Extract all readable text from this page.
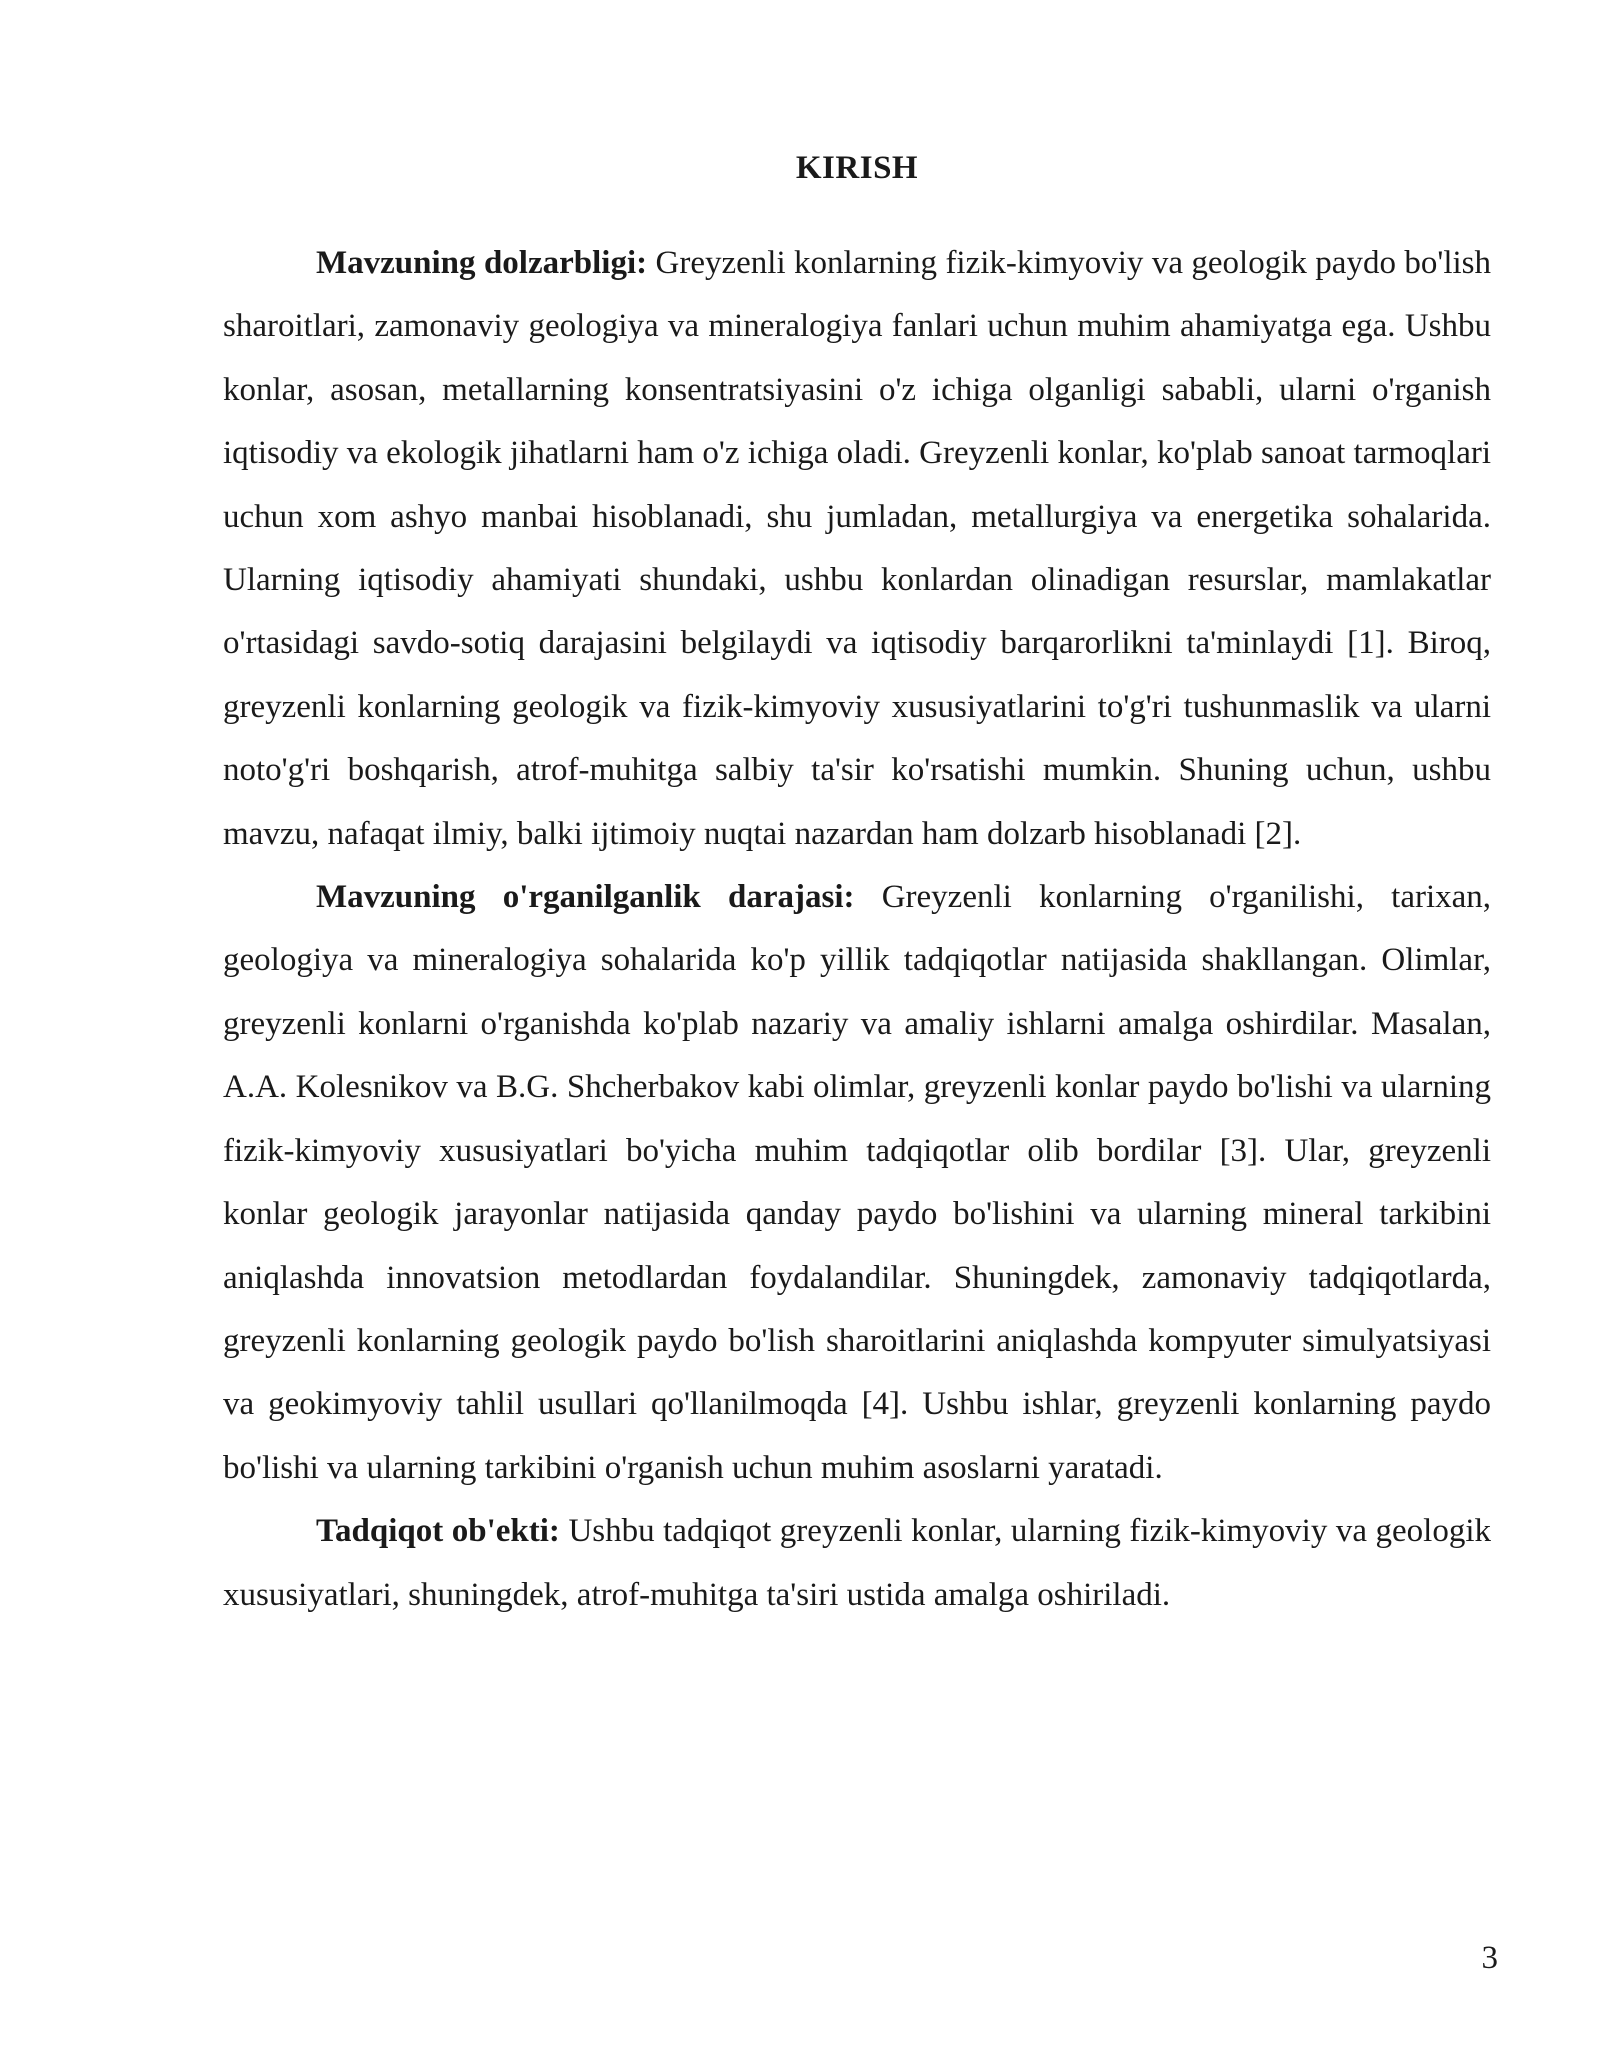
KIRISH

Mavzuning dolzarbligi: Greyzenli konlarning fizik-kimyoviy va geologik paydo bo'lish sharoitlari, zamonaviy geologiya va mineralogiya fanlari uchun muhim ahamiyatga ega. Ushbu konlar, asosan, metallarning konsentratsiyasini o'z ichiga olganligi sababli, ularni o'rganish iqtisodiy va ekologik jihatlarni ham o'z ichiga oladi. Greyzenli konlar, ko'plab sanoat tarmoqlari uchun xom ashyo manbai hisoblanadi, shu jumladan, metallurgiya va energetika sohalarida. Ularning iqtisodiy ahamiyati shundaki, ushbu konlardan olinadigan resurslar, mamlakatlar o'rtasidagi savdo-sotiq darajasini belgilaydi va iqtisodiy barqarorlikni ta'minlaydi [1]. Biroq, greyzenli konlarning geologik va fizik-kimyoviy xususiyatlarini to'g'ri tushunmaslik va ularni noto'g'ri boshqarish, atrof-muhitga salbiy ta'sir ko'rsatishi mumkin. Shuning uchun, ushbu mavzu, nafaqat ilmiy, balki ijtimoiy nuqtai nazardan ham dolzarb hisoblanadi [2].

Mavzuning o'rganilganlik darajasi: Greyzenli konlarning o'rganilishi, tarixan, geologiya va mineralogiya sohalarida ko'p yillik tadqiqotlar natijasida shakllangan. Olimlar, greyzenli konlarni o'rganishda ko'plab nazariy va amaliy ishlarni amalga oshirdilar. Masalan, A.A. Kolesnikov va B.G. Shcherbakov kabi olimlar, greyzenli konlar paydo bo'lishi va ularning fizik-kimyoviy xususiyatlari bo'yicha muhim tadqiqotlar olib bordilar [3]. Ular, greyzenli konlar geologik jarayonlar natijasida qanday paydo bo'lishini va ularning mineral tarkibini aniqlashda innovatsion metodlardan foydalandilar. Shuningdek, zamonaviy tadqiqotlarda, greyzenli konlarning geologik paydo bo'lish sharoitlarini aniqlashda kompyuter simulyatsiyasi va geokimyoviy tahlil usullari qo'llanilmoqda [4]. Ushbu ishlar, greyzenli konlarning paydo bo'lishi va ularning tarkibini o'rganish uchun muhim asoslarni yaratadi.

Tadqiqot ob'ekti: Ushbu tadqiqot greyzenli konlar, ularning fizik-kimyoviy va geologik xususiyatlari, shuningdek, atrof-muhitga ta'siri ustida amalga oshiriladi.

3
